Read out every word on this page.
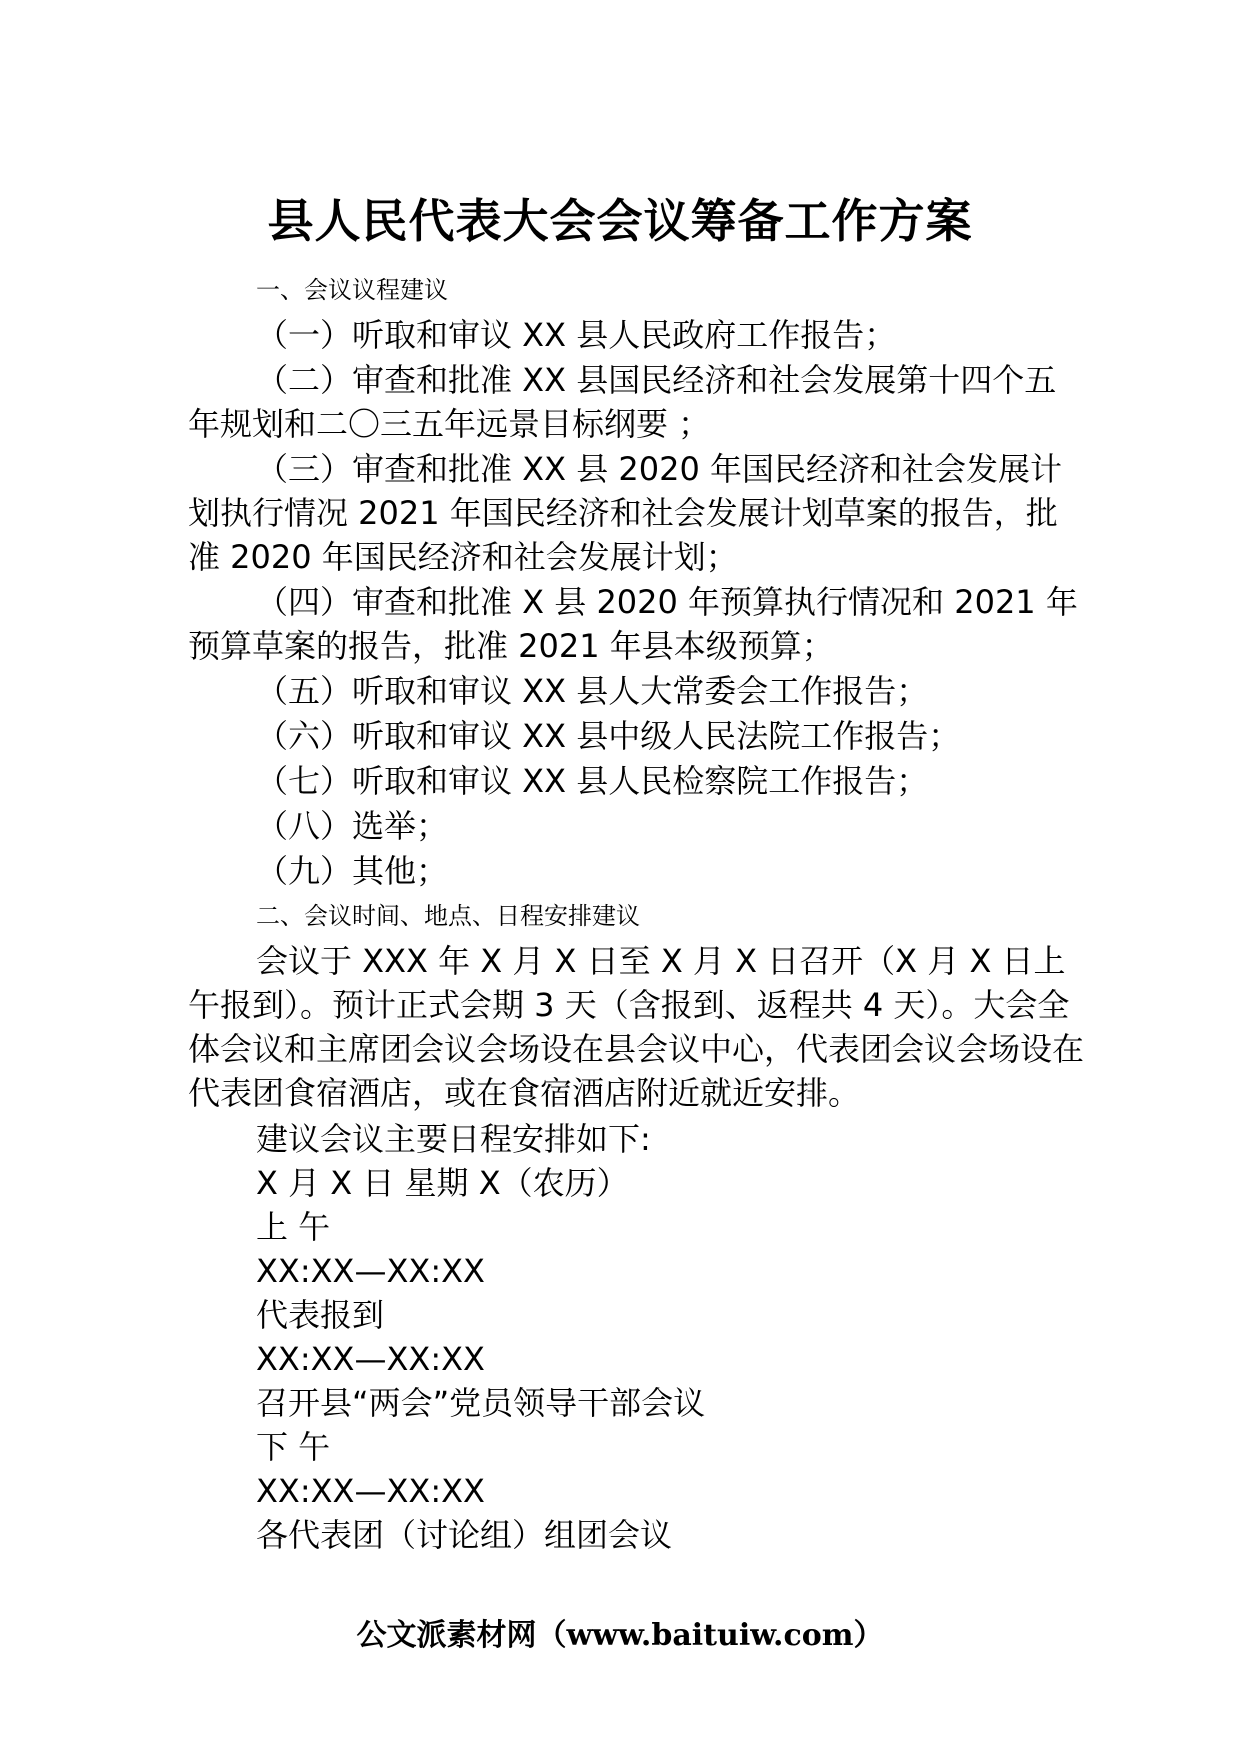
县人民代表大会会议筹备工作方案
一、会议议程建议

（一）听取和审议 XX 县人民政府工作报告；

（二）审查和批准 XX 县国民经济和社会发展第十四个五年规划和二〇三五年远景目标纲要 ；

（三）审查和批准 XX 县 2020 年国民经济和社会发展计划执行情况 2021 年国民经济和社会发展计划草案的报告，批准 2020 年国民经济和社会发展计划；

（四）审查和批准 X 县 2020 年预算执行情况和 2021 年预算草案的报告，批准 2021 年县本级预算；

（五）听取和审议 XX 县人大常委会工作报告；

（六）听取和审议 XX 县中级人民法院工作报告；

（七）听取和审议 XX 县人民检察院工作报告；

（八）选举；

（九）其他；

二、会议时间、地点、日程安排建议

会议于 XXX 年 X 月 X 日至 X 月 X 日召开（X 月 X 日上午报到）。预计正式会期 3 天（含报到、返程共 4 天）。大会全体会议和主席团会议会场设在县会议中心，代表团会议会场设在代表团食宿酒店，或在食宿酒店附近就近安排。

建议会议主要日程安排如下:
X 月 X 日 星期 X（农历）
上 午
XX:XX—XX:XX
代表报到
XX:XX—XX:XX
召开县“两会”党员领导干部会议
下 午
XX:XX—XX:XX
各代表团（讨论组）组团会议
公文派素材网（www.baituiw.com）
